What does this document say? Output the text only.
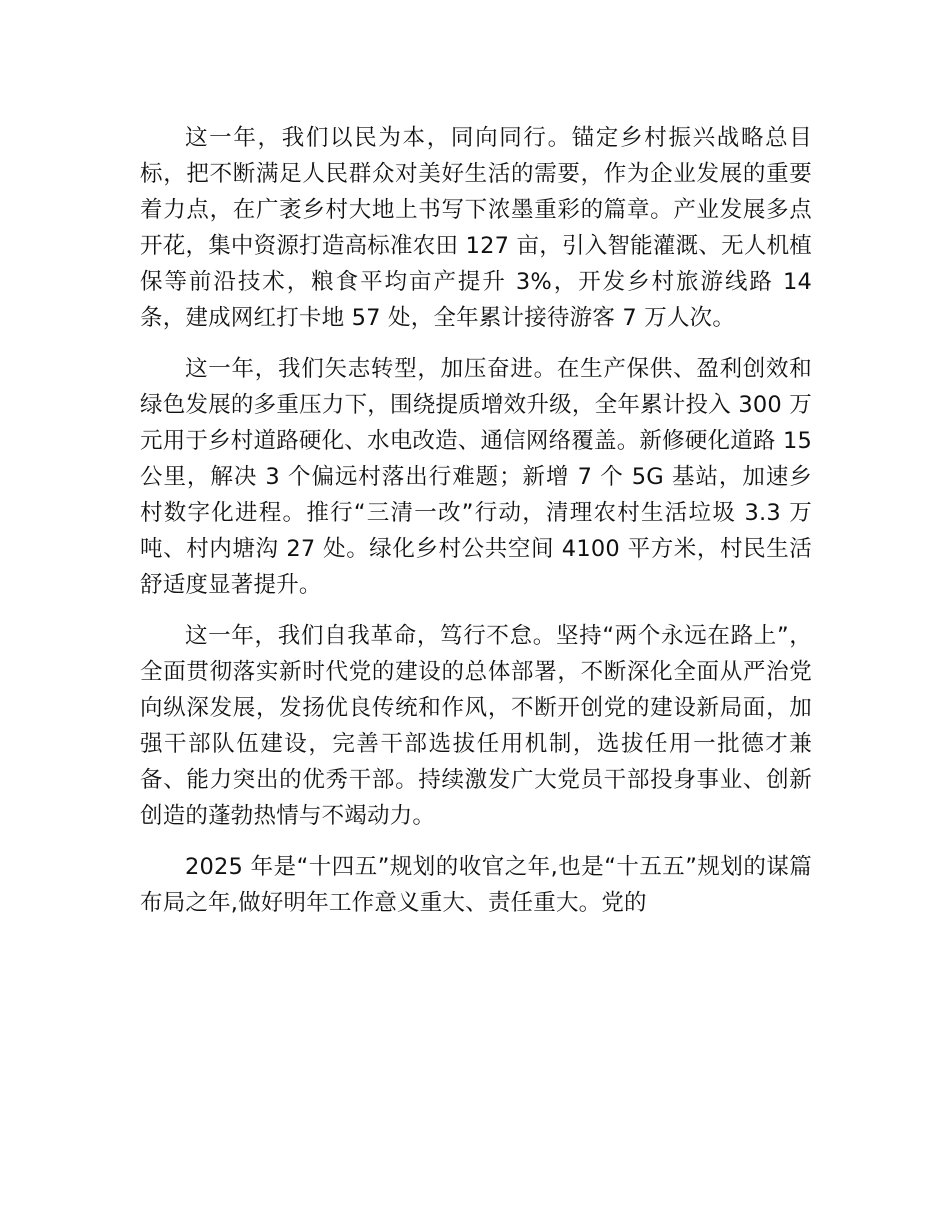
这一年，我们以民为本，同向同行。锚定乡村振兴战略总目标，把不断满足人民群众对美好生活的需要，作为企业发展的重要着力点，在广袤乡村大地上书写下浓墨重彩的篇章。产业发展多点开花，集中资源打造高标准农田 127 亩，引入智能灌溉、无人机植保等前沿技术，粮食平均亩产提升 3%，开发乡村旅游线路 14 条，建成网红打卡地 57 处，全年累计接待游客 7 万人次。

这一年，我们矢志转型，加压奋进。在生产保供、盈利创效和绿色发展的多重压力下，围绕提质增效升级，全年累计投入 300 万元用于乡村道路硬化、水电改造、通信网络覆盖。新修硬化道路 15 公里，解决 3 个偏远村落出行难题；新增 7 个 5G 基站，加速乡村数字化进程。推行“三清一改”行动，清理农村生活垃圾 3.3 万吨、村内塘沟 27 处。绿化乡村公共空间 4100 平方米，村民生活舒适度显著提升。

这一年，我们自我革命，笃行不怠。坚持“两个永远在路上”，全面贯彻落实新时代党的建设的总体部署，不断深化全面从严治党向纵深发展，发扬优良传统和作风，不断开创党的建设新局面，加强干部队伍建设，完善干部选拔任用机制，选拔任用一批德才兼备、能力突出的优秀干部。持续激发广大党员干部投身事业、创新创造的蓬勃热情与不竭动力。

2025 年是“十四五”规划的收官之年,也是“十五五”规划的谋篇布局之年,做好明年工作意义重大、责任重大。党的
